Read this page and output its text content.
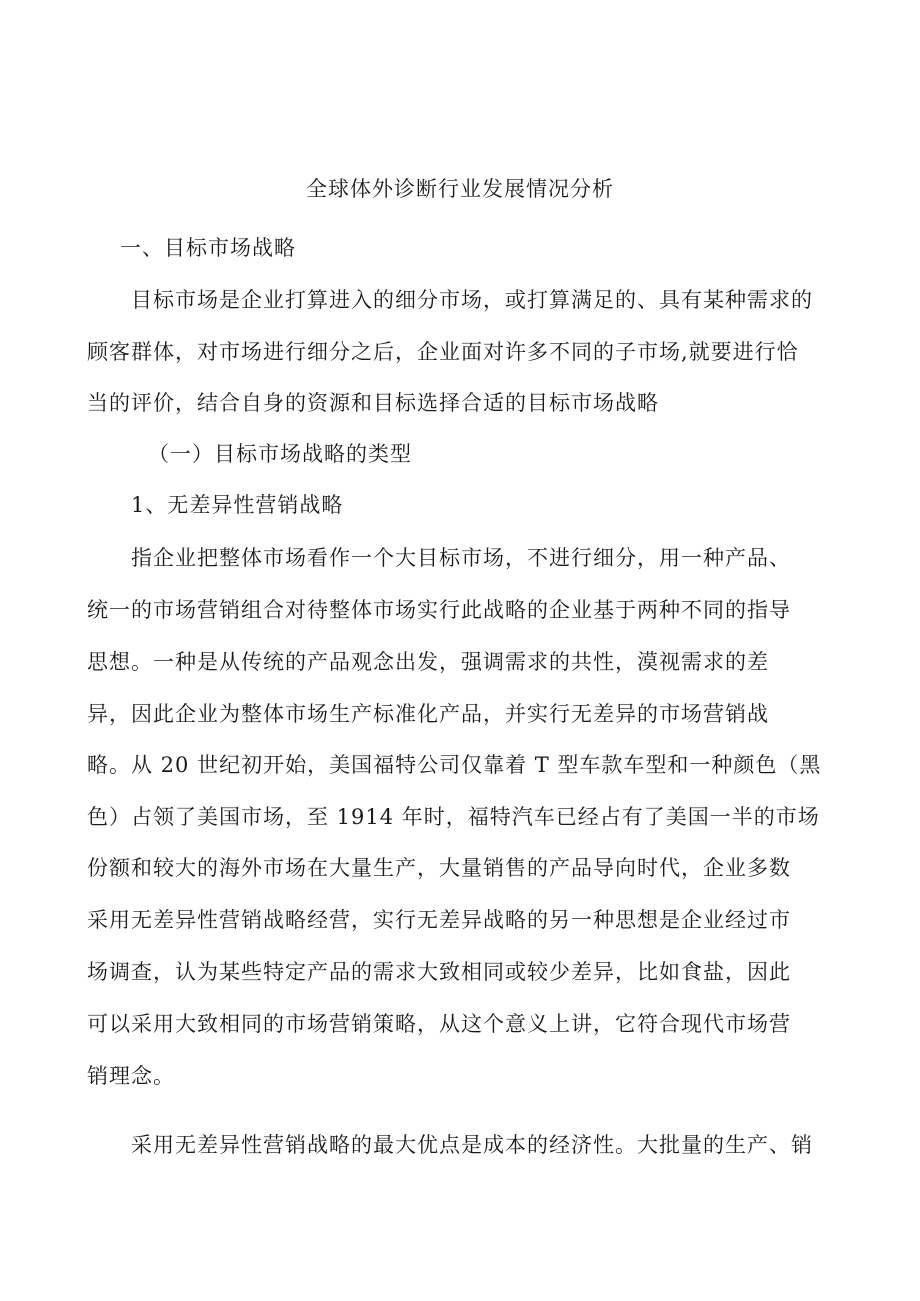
全球体外诊断行业发展情况分析
一、目标市场战略
目标市场是企业打算进入的细分市场，或打算满足的、具有某种需求的
顾客群体，对市场进行细分之后，企业面对许多不同的子市场,就要进行恰
当的评价，结合自身的资源和目标选择合适的目标市场战略
（一）目标市场战略的类型
1、无差异性营销战略
指企业把整体市场看作一个大目标市场，不进行细分，用一种产品、
统一的市场营销组合对待整体市场实行此战略的企业基于两种不同的指导
思想。一种是从传统的产品观念出发，强调需求的共性，漠视需求的差
异，因此企业为整体市场生产标准化产品，并实行无差异的市场营销战
略。从 20 世纪初开始，美国福特公司仅靠着 T 型车款车型和一种颜色（黑
色）占领了美国市场，至 1914 年时，福特汽车已经占有了美国一半的市场
份额和较大的海外市场在大量生产，大量销售的产品导向时代，企业多数
采用无差异性营销战略经营，实行无差异战略的另一种思想是企业经过市
场调查，认为某些特定产品的需求大致相同或较少差异，比如食盐，因此
可以采用大致相同的市场营销策略，从这个意义上讲，它符合现代市场营
销理念。
采用无差异性营销战略的最大优点是成本的经济性。大批量的生产、销
